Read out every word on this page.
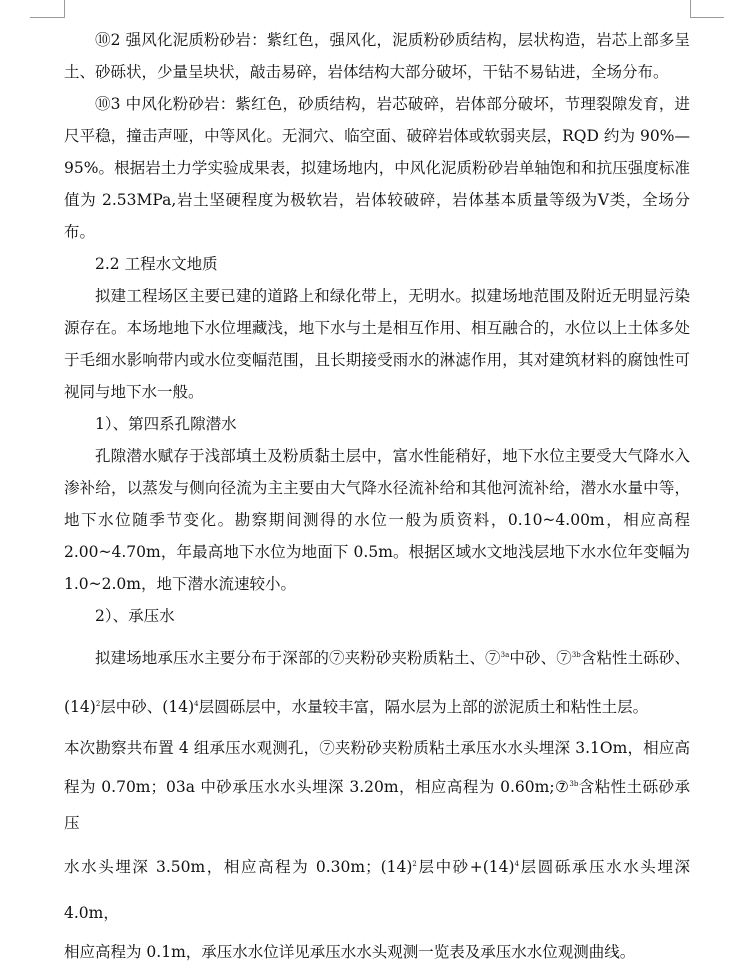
⑩2 强风化泥质粉砂岩：紫红色，强风化，泥质粉砂质结构，层状构造，岩芯上部多呈土、砂砾状，少量呈块状，敲击易碎，岩体结构大部分破坏，干钻不易钻进，全场分布。

⑩3 中风化粉砂岩：紫红色，砂质结构，岩芯破碎，岩体部分破坏，节理裂隙发育，进尺平稳，撞击声哑，中等风化。无洞穴、临空面、破碎岩体或软弱夹层，RQD 约为 90%—95%。根据岩土力学实验成果表，拟建场地内，中风化泥质粉砂岩单轴饱和和抗压强度标准值为 2.53MPa,岩土坚硬程度为极软岩，岩体较破碎，岩体基本质量等级为Ⅴ类，全场分布。

2.2 工程水文地质

拟建工程场区主要已建的道路上和绿化带上，无明水。拟建场地范围及附近无明显污染源存在。本场地地下水位埋藏浅，地下水与土是相互作用、相互融合的，水位以上土体多处于毛细水影响带内或水位变幅范围，且长期接受雨水的淋滤作用，其对建筑材料的腐蚀性可视同与地下水一般。

1）、第四系孔隙潜水

孔隙潜水赋存于浅部填土及粉质黏土层中，富水性能稍好，地下水位主要受大气降水入渗补给，以蒸发与侧向径流为主主要由大气降水径流补给和其他河流补给，潜水水量中等，地下水位随季节变化。勘察期间测得的水位一般为质资料，0.10~4.00m，相应高程2.00~4.70m，年最高地下水位为地面下 0.5m。根据区域水文地浅层地下水水位年变幅为1.0~2.0m，地下潜水流速较小。

2）、承压水

拟建场地承压水主要分布于深部的⑦夹粉砂夹粉质粘土、⑦$^{3a}$中砂、⑦$^{3b}$含粘性土砾砂、$(14)^2$层中砂、$(14)^4$层圆砾层中，水量较丰富，隔水层为上部的淤泥质土和粘性土层。

本次勘察共布置 4 组承压水观测孔，⑦夹粉砂夹粉质粘土承压水水头埋深 3.1Om，相应高程为 0.70m；03a 中砂承压水水头埋深 3.20m，相应高程为 0.60m;⑦$^{3b}$含粘性土砾砂承压

水水头埋深 3.50m，相应高程为 0.30m；$(14)^2$层中砂$+(14)^4$层圆砾承压水水头埋深 4.0m，

相应高程为 0.1m，承压水水位详见承压水水头观测一览表及承压水水位观测曲线。
